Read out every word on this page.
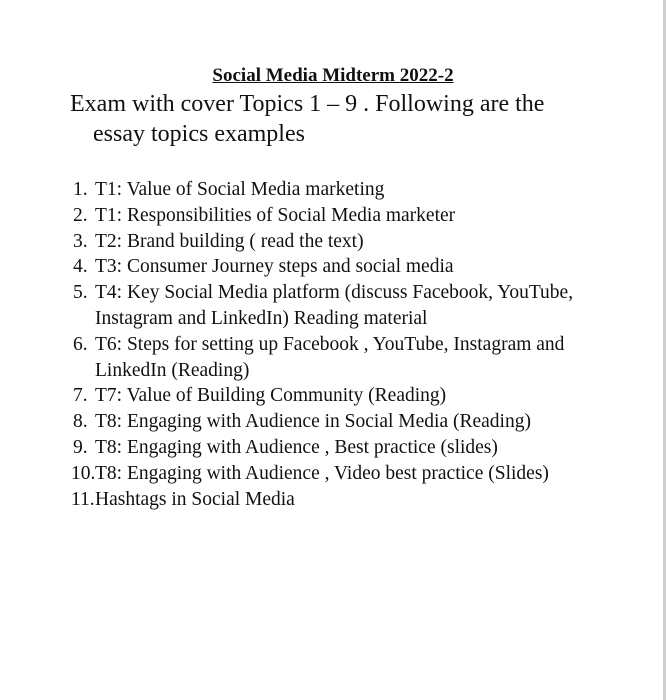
Social Media Midterm 2022-2

Exam with cover Topics 1 – 9 . Following are the
essay topics examples

1. T1: Value of Social Media marketing
2. T1: Responsibilities of Social Media marketer
3. T2: Brand building ( read the text)
4. T3: Consumer Journey steps and social media
5. T4: Key Social Media platform (discuss Facebook, YouTube, Instagram and LinkedIn) Reading material
6. T6: Steps for setting up Facebook , YouTube, Instagram and LinkedIn (Reading)
7. T7: Value of Building Community (Reading)
8. T8: Engaging with Audience in Social Media (Reading)
9. T8: Engaging with Audience , Best practice (slides)
10. T8: Engaging with Audience , Video best practice (Slides)
11. Hashtags in Social Media
